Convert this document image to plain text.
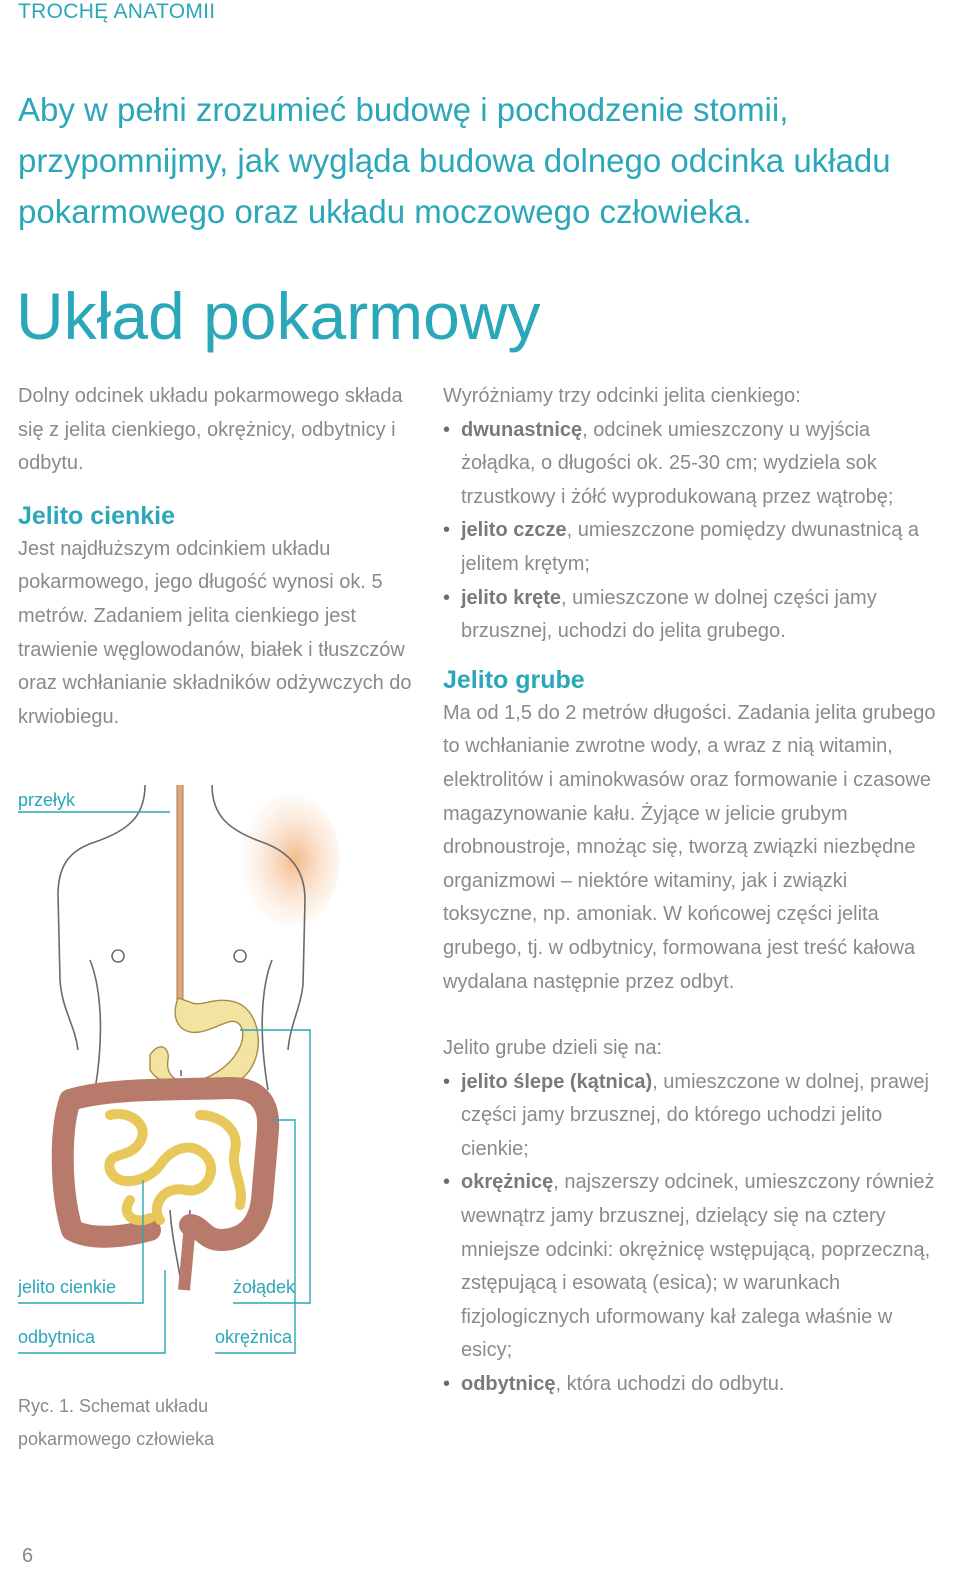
TROCHĘ ANATOMII
Aby w pełni zrozumieć budowę i pochodzenie stomii, przypomnijmy, jak wygląda budowa dolnego odcinka układu pokarmowego oraz układu moczowego człowieka.
Układ pokarmowy

Dolny odcinek układu pokarmowego składa się z jelita cienkiego, okrężnicy, odbytnicy i odbytu.

Jelito cienkie

Jest najdłuższym odcinkiem układu pokarmowego, jego długość wynosi ok. 5 metrów. Zadaniem jelita cienkiego jest trawienie węglowodanów, białek i tłuszczów oraz wchłanianie składników odżywczych do krwiobiegu.

przełyk
jelito cienkie	żołądek
odbytnica	okrężnica
Ryc. 1. Schemat układu pokarmowego człowieka

Wyróżniamy trzy odcinki jelita cienkiego:

• dwunastnicę, odcinek umieszczony u wyjścia żołądka, o długości ok. 25-30 cm; wydziela sok trzustkowy i żółć wyprodukowaną przez wątrobę;
• jelito czcze, umieszczone pomiędzy dwunastnicą a jelitem krętym;
• jelito kręte, umieszczone w dolnej części jamy brzusznej, uchodzi do jelita grubego.
Jelito grube

Ma od 1,5 do 2 metrów długości. Zadania jelita grubego to wchłanianie zwrotne wody, a wraz z nią witamin, elektrolitów i aminokwasów oraz formowanie i czasowe magazynowanie kału. Żyjące w jelicie grubym drobnoustroje, mnożąc się, tworzą związki niezbędne organizmowi – niektóre witaminy, jak i związki toksyczne, np. amoniak. W końcowej części jelita grubego, tj. w odbytnicy, formowana jest treść kałowa wydalana następnie przez odbyt.

Jelito grube dzieli się na:

• jelito ślepe (kątnica), umieszczone w dolnej, prawej części jamy brzusznej, do którego uchodzi jelito cienkie;
• okrężnicę, najszerszy odcinek, umieszczony również wewnątrz jamy brzusznej, dzielący się na cztery mniejsze odcinki: okrężnicę wstępującą, poprzeczną, zstępującą i esowatą (esica); w warunkach fizjologicznych uformowany kał zalega właśnie w esicy;
• odbytnicę, która uchodzi do odbytu.
6
